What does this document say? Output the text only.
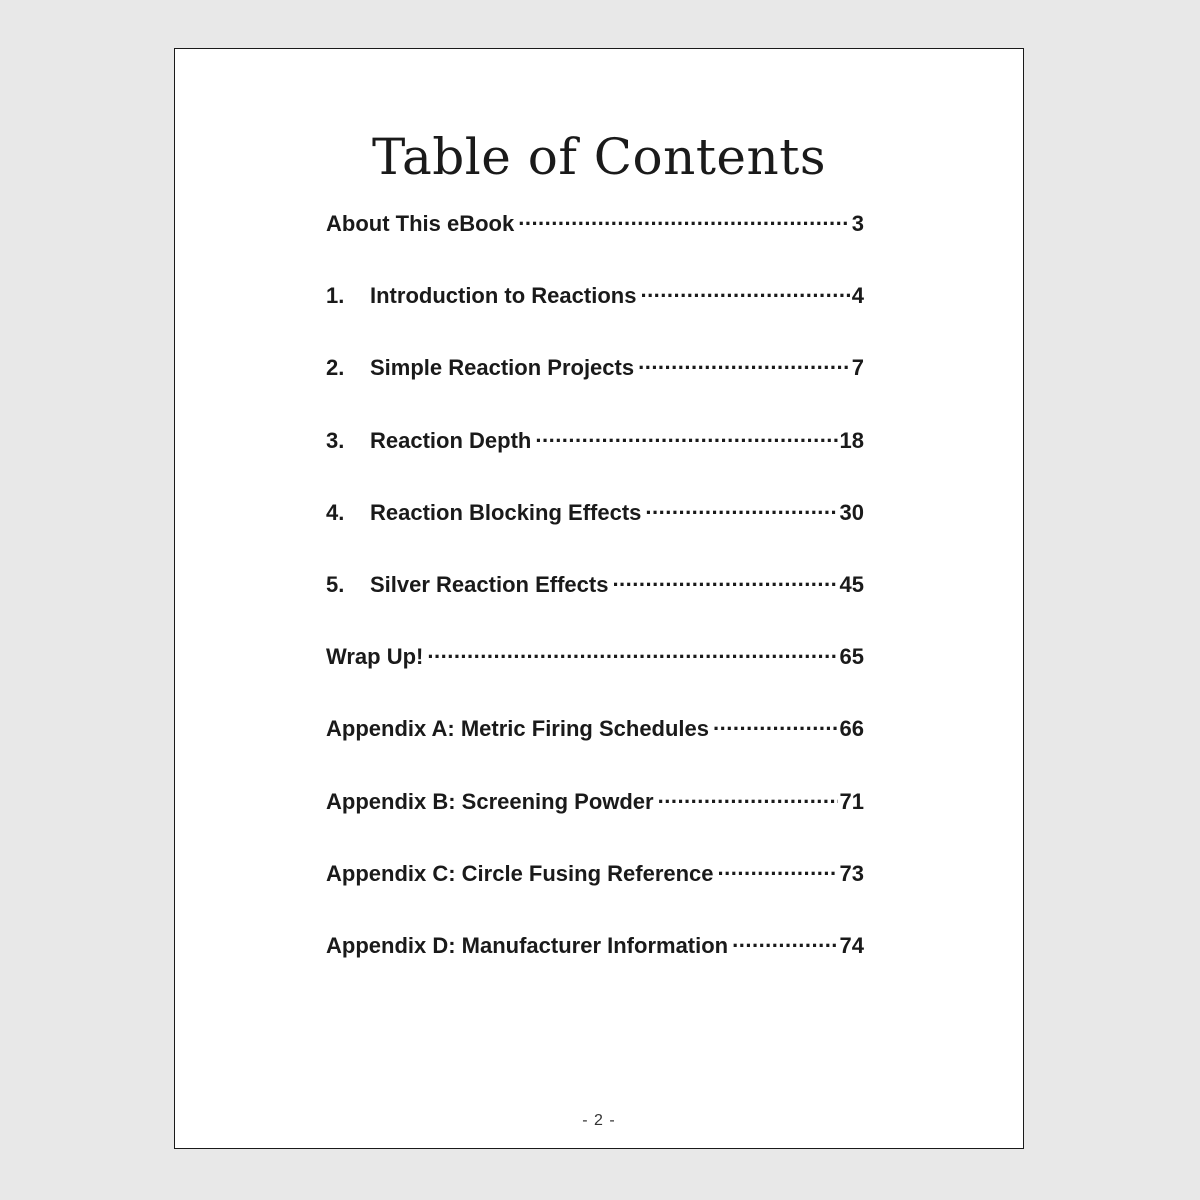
Table of Contents
About This eBook .....	3
1.	Introduction to Reactions .....	4
2.	Simple Reaction Projects .....	7
3.	Reaction Depth .....	18
4.	Reaction Blocking Effects .....	30
5.	Silver Reaction Effects .....	45
Wrap Up! .....	65
Appendix A: Metric Firing Schedules .....	66
Appendix B: Screening Powder .....	71
Appendix C: Circle Fusing Reference .....	73
Appendix D: Manufacturer Information .....	74
- 2 -
